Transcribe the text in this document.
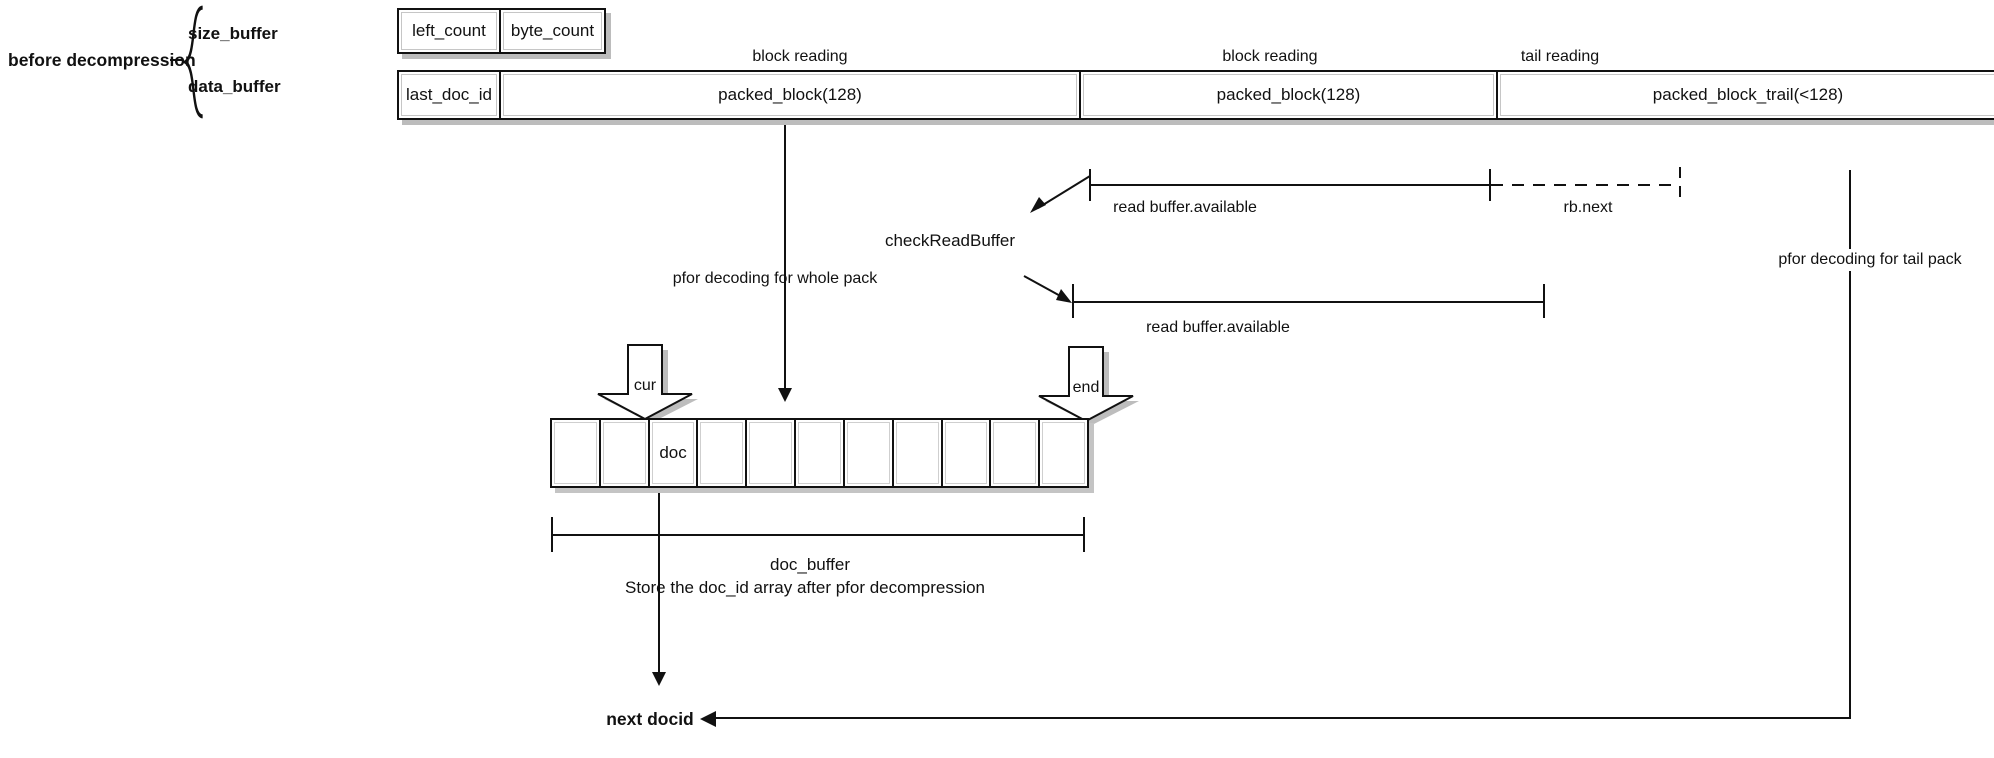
before decompression
size_buffer
data_buffer
left_count	byte_count
block reading	block reading	tail reading
last_doc_id	packed_block(128)	packed_block(128)	packed_block_trail(<128)
pfor decoding for whole pack
checkReadBuffer
read buffer.available	rb.next
read buffer.available
pfor decoding for tail pack
next docid
cur	end
doc
doc_buffer
Store the doc_id array after pfor decompression
